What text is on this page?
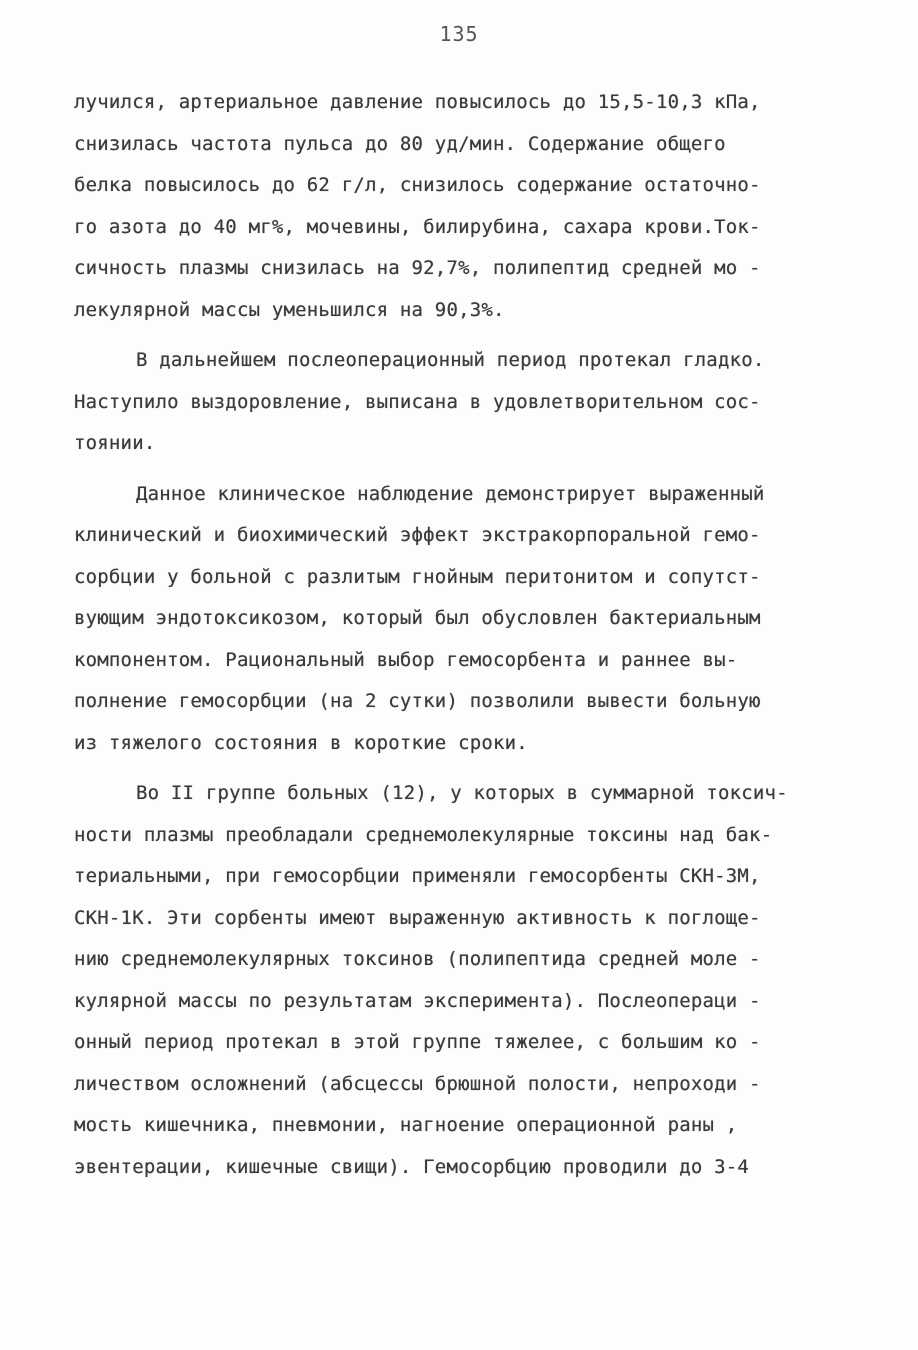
135
лучился, артериальное давление повысилось до 15,5-10,3 кПа,
снизилась частота пульса до 80 уд/мин. Содержание общего
белка повысилось до 62 г/л, снизилось содержание остаточно-
го азота до 40 мг%, мочевины, билирубина, сахара крови.Ток-
сичность плазмы снизилась на 92,7%, полипептид средней мо -
лекулярной массы уменьшился на 90,3%.
В дальнейшем послеоперационный период протекал гладко.
Наступило выздоровление, выписана в удовлетворительном сос-
тоянии.
Данное клиническое наблюдение демонстрирует выраженный
клинический и биохимический эффект экстракорпоральной гемо-
сорбции у больной с разлитым гнойным перитонитом и сопутст-
вующим эндотоксикозом, который был обусловлен бактериальным
компонентом. Рациональный выбор гемосорбента и раннее вы-
полнение гемосорбции (на 2 сутки) позволили вывести больную
из тяжелого состояния в короткие сроки.
Во II группе больных (12), у которых в суммарной токсич-
ности плазмы преобладали среднемолекулярные токсины над бак-
териальными, при гемосорбции применяли гемосорбенты СКН-3М,
СКН-1К. Эти сорбенты имеют выраженную активность к поглоще-
нию среднемолекулярных токсинов (полипептида средней моле -
кулярной массы по результатам эксперимента). Послеопераци -
онный период протекал в этой группе тяжелее, с большим ко -
личеством осложнений (абсцессы брюшной полости, непроходи -
мость кишечника, пневмонии, нагноение операционной раны ,
эвентерации, кишечные свищи). Гемосорбцию проводили до 3-4
